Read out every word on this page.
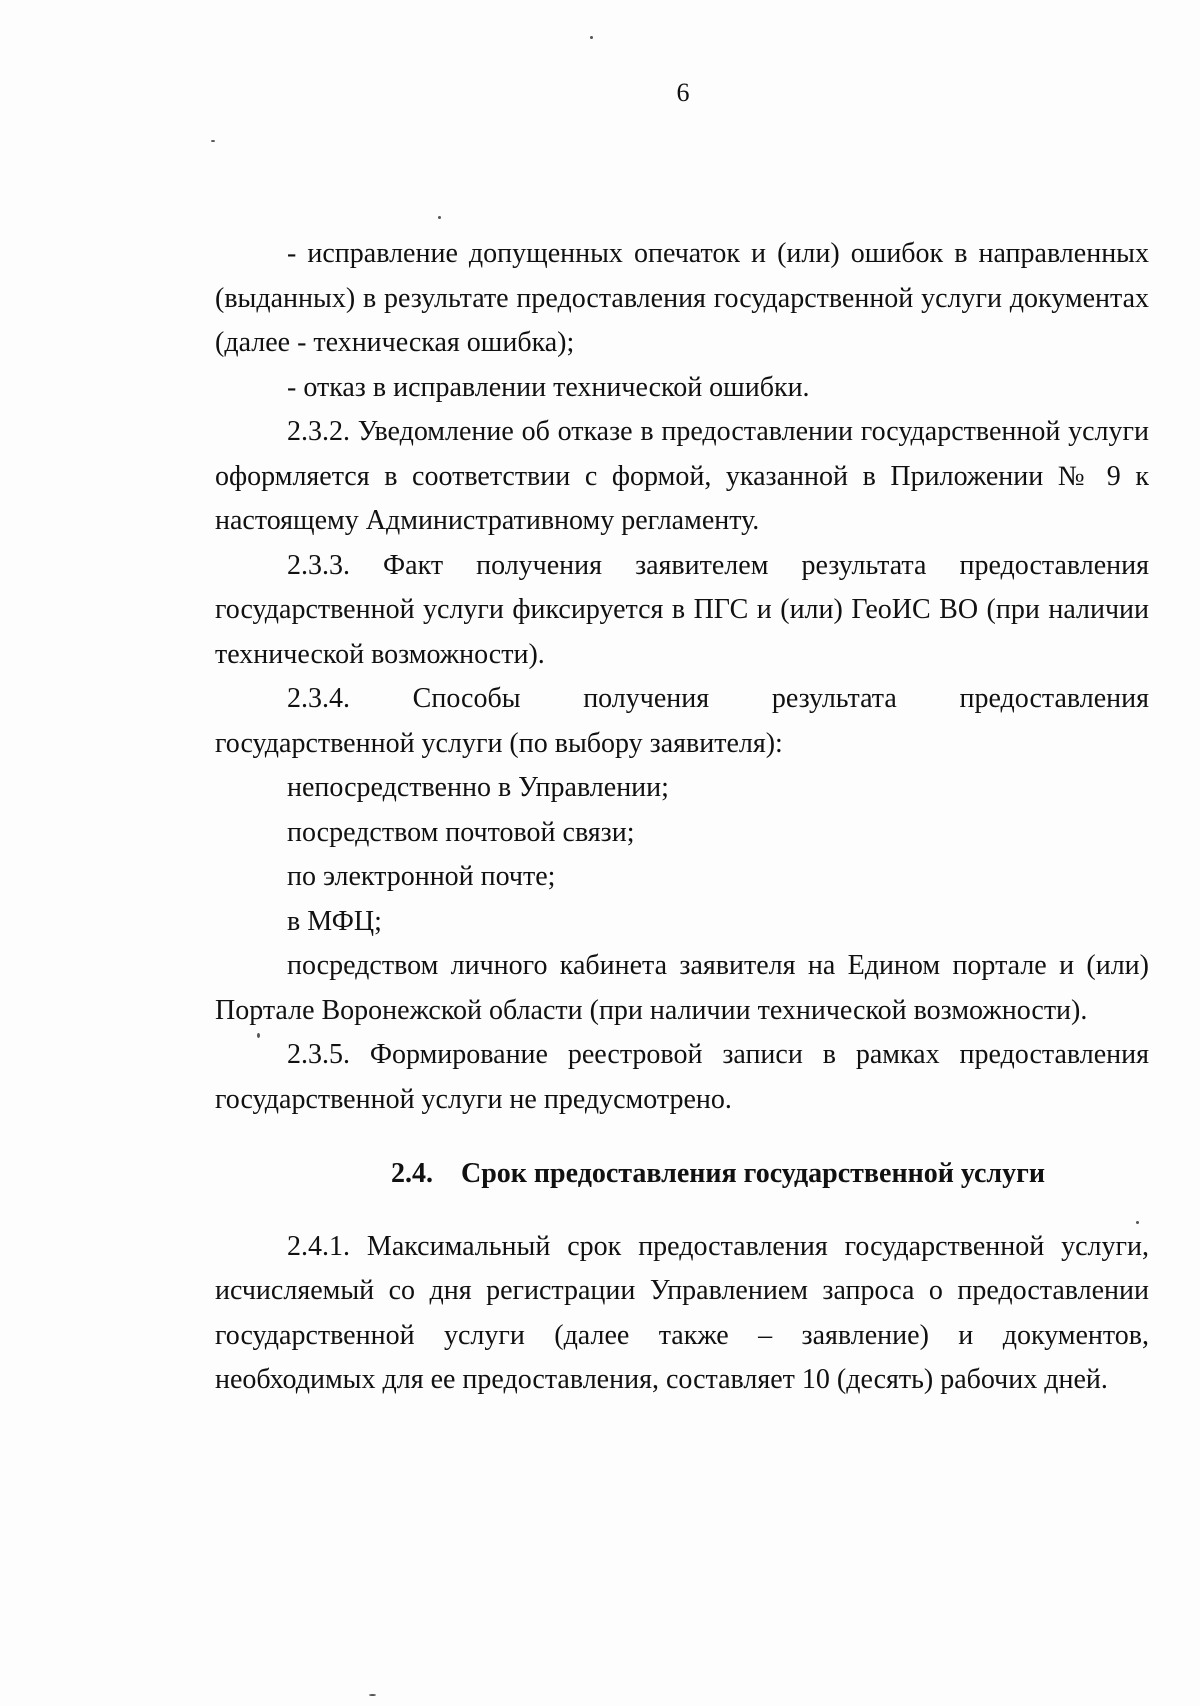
6

- исправление допущенных опечаток и (или) ошибок в направленных (выданных) в результате предоставления государственной услуги документах (далее - техническая ошибка);

- отказ в исправлении технической ошибки.

2.3.2. Уведомление об отказе в предоставлении государственной услуги оформляется в соответствии с формой, указанной в Приложении № 9 к настоящему Административному регламенту.

2.3.3. Факт получения заявителем результата предоставления государственной услуги фиксируется в ПГС и (или) ГеоИС ВО (при наличии технической возможности).

2.3.4. Способы получения результата предоставления

государственной услуги (по выбору заявителя):

непосредственно в Управлении;

посредством почтовой связи;

по электронной почте;

в МФЦ;

посредством личного кабинета заявителя на Едином портале и (или) Портале Воронежской области (при наличии технической возможности).

2.3.5. Формирование реестровой записи в рамках предоставления государственной услуги не предусмотрено.

2.4. Срок предоставления государственной услуги

2.4.1. Максимальный срок предоставления государственной услуги, исчисляемый со дня регистрации Управлением запроса о предоставлении государственной услуги (далее также – заявление) и документов, необходимых для ее предоставления, составляет 10 (десять) рабочих дней.
